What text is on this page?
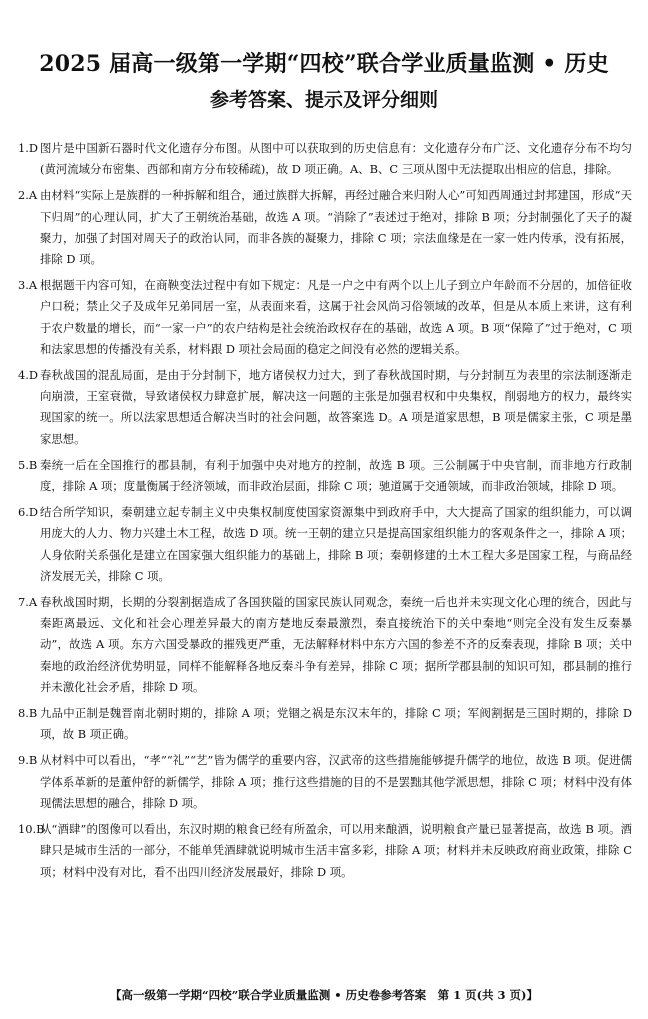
2025 届高一级第一学期“四校”联合学业质量监测 • 历史
参考答案、提示及评分细则
1.D 图片是中国新石器时代文化遗存分布图。从图中可以获取到的历史信息有：文化遗存分布广泛、文化遗存分布不均匀(黄河流域分布密集、西部和南方分布较稀疏)，故 D 项正确。A、B、C 三项从图中无法提取出相应的信息，排除。
2.A 由材料“实际上是族群的一种拆解和组合，通过族群大拆解，再经过融合来归附人心”可知西周通过封邦建国，形成“天下归周”的心理认同，扩大了王朝统治基础，故选 A 项。“消除了”表述过于绝对，排除 B 项；分封制强化了天子的凝聚力，加强了封国对周天子的政治认同，而非各族的凝聚力，排除 C 项；宗法血缘是在一家一姓内传承，没有拓展，排除 D 项。
3.A 根据题干内容可知，在商鞅变法过程中有如下规定：凡是一户之中有两个以上儿子到立户年龄而不分居的，加倍征收户口税；禁止父子及成年兄弟同居一室，从表面来看，这属于社会风尚习俗领域的改革，但是从本质上来讲，这有利于农户数量的增长，而“一家一户”的农户结构是社会统治政权存在的基础，故选 A 项。B 项“保障了”过于绝对，C 项和法家思想的传播没有关系，材料跟 D 项社会局面的稳定之间没有必然的逻辑关系。
4.D 春秋战国的混乱局面，是由于分封制下，地方诸侯权力过大，到了春秋战国时期，与分封制互为表里的宗法制逐渐走向崩溃，王室衰微，导致诸侯权力肆意扩展，解决这一问题的主张是加强君权和中央集权，削弱地方的权力，最终实现国家的统一。所以法家思想适合解决当时的社会问题，故答案选 D。A 项是道家思想，B 项是儒家主张，C 项是墨家思想。
5.B 秦统一后在全国推行的郡县制，有利于加强中央对地方的控制，故选 B 项。三公制属于中央官制，而非地方行政制度，排除 A 项；度量衡属于经济领域，而非政治层面，排除 C 项；驰道属于交通领域，而非政治领域，排除 D 项。
6.D 结合所学知识，秦朝建立起专制主义中央集权制度使国家资源集中到政府手中，大大提高了国家的组织能力，可以调用庞大的人力、物力兴建土木工程，故选 D 项。统一王朝的建立只是提高国家组织能力的客观条件之一，排除 A 项；人身依附关系强化是建立在国家强大组织能力的基础上，排除 B 项；秦朝修建的土木工程大多是国家工程，与商品经济发展无关，排除 C 项。
7.A 春秋战国时期，长期的分裂割据造成了各国狭隘的国家民族认同观念，秦统一后也并未实现文化心理的统合，因此与秦距离最远、文化和社会心理差异最大的南方楚地反秦最激烈，秦直接统治下的关中秦地“则完全没有发生反秦暴动”，故选 A 项。东方六国受暴政的摧残更严重，无法解释材料中东方六国的参差不齐的反秦表现，排除 B 项；关中秦地的政治经济优势明显，同样不能解释各地反秦斗争有差异，排除 C 项；据所学郡县制的知识可知，郡县制的推行并未激化社会矛盾，排除 D 项。
8.B 九品中正制是魏晋南北朝时期的，排除 A 项；党锢之祸是东汉末年的，排除 C 项；军阀割据是三国时期的，排除 D 项，故 B 项正确。
9.B 从材料中可以看出，“孝”“礼”“艺”皆为儒学的重要内容，汉武帝的这些措施能够提升儒学的地位，故选 B 项。促进儒学体系革新的是董仲舒的新儒学，排除 A 项；推行这些措施的目的不是罢黜其他学派思想，排除 C 项；材料中没有体现儒法思想的融合，排除 D 项。
10.B
从“酒肆”的图像可以看出，东汉时期的粮食已经有所盈余，可以用来酿酒，说明粮食产量已显著提高，故选 B 项。酒肆只是城市生活的一部分，不能单凭酒肆就说明城市生活丰富多彩，排除 A 项；材料并未反映政府商业政策，排除 C 项；材料中没有对比，看不出四川经济发展最好，排除 D 项。
【高一级第一学期“四校”联合学业质量监测 • 历史卷参考答案　第 1 页(共 3 页)】
